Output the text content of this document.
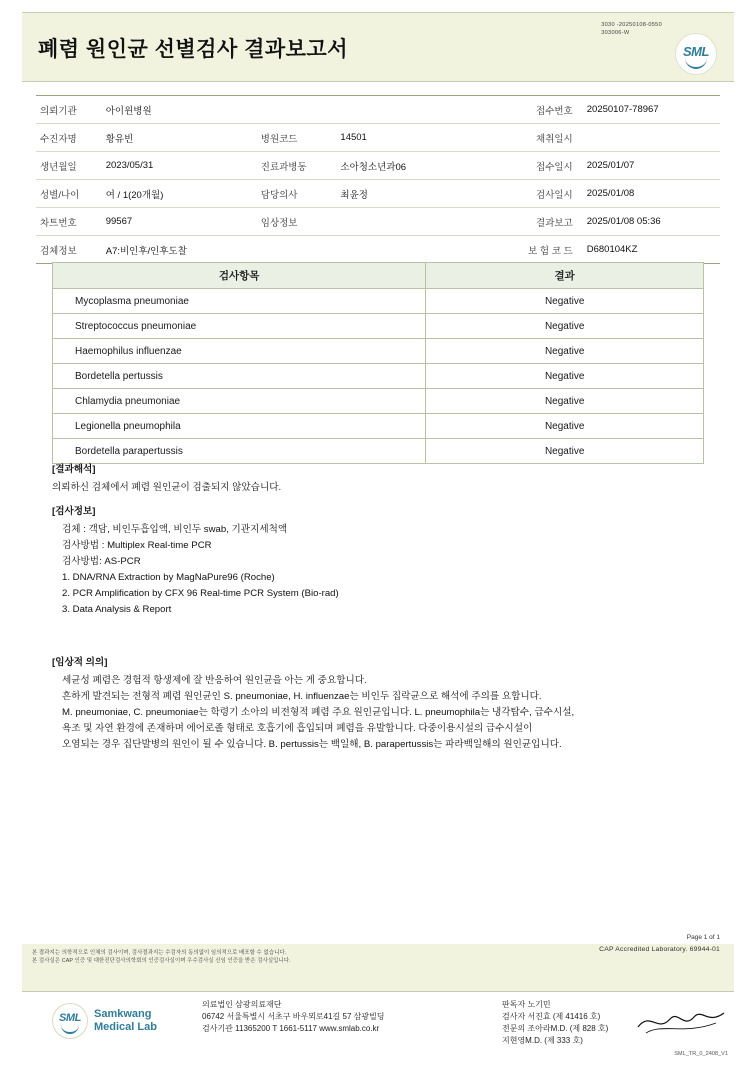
폐렴 원인균 선별검사 결과보고서
3030 -20250108-0550
303006-W
SML
의뢰기관	아이윈병원			접수번호	20250107-78967
수진자명	황유빈	병원코드	14501	채취일시	
생년월일	2023/05/31	진료과병동	소아청소년과06	접수일시	2025/01/07
성별/나이	여 / 1(20개월)	담당의사	최윤정	검사일시	2025/01/08
차트번호	99567	임상정보		결과보고	2025/01/08 05:36
검체정보	A7:비인후/인후도찰			보 험 코 드	D680104KZ
검사항목	결과
Mycoplasma pneumoniae	Negative
Streptococcus pneumoniae	Negative
Haemophilus influenzae	Negative
Bordetella pertussis	Negative
Chlamydia pneumoniae	Negative
Legionella pneumophila	Negative
Bordetella parapertussis	Negative
[결과해석]
의뢰하신 검체에서 폐렴 원인균이 검출되지 않았습니다.
[검사정보]
검체 : 객담, 비인두흡입액, 비인두 swab, 기관지세척액
검사방법 : Multiplex Real-time PCR
검사방법: AS-PCR
1. DNA/RNA Extraction by MagNaPure96 (Roche)
2. PCR Amplification by CFX 96 Real-time PCR System (Bio-rad)
3. Data Analysis & Report
[임상적 의의]
세균성 폐렴은 경험적 항생제에 잘 반응하여 원인균을 아는 게 중요합니다.
흔하게 발견되는 전형적 폐렴 원인균인 S. pneumoniae, H. influenzae는 비인두 집락균으로 해석에 주의를 요합니다.
M. pneumoniae, C. pneumoniae는 학령기 소아의 비전형적 폐렴 주요 원인균입니다. L. pneumophila는 냉각탑수, 급수시설,
욕조 및 자연 환경에 존재하며 에어로졸 형태로 호흡기에 흡입되며 폐렴을 유발합니다. 다중이용시설의 급수시설이
오염되는 경우 집단발병의 원인이 될 수 있습니다. B. pertussis는 백일해, B. parapertussis는 파라백일해의 원인균입니다.
Page 1 of 1
CAP Accredited Laboratory. 69944-01
본 결과지는 의학적으로 인체의 검사이며, 검사결과지는 수검자의 동의없이 임의적으로 배포할 수 없습니다.
본 검사실은 CAP 인증 및 대한진단검사의학회의 인증검사실이며 우수검사실 신임 인증을 받은 검사실입니다.
SML	Samkwang
Medical Lab
의료법인 삼광의료재단
06742 서울특별시 서초구 바우뫼로41길 57 삼광빌딩
검사기관 11365200 T 1661-5117 www.smlab.co.kr
판독자 노기민
검사자 서진효 (제 41416 호)
전문의 조아라M.D. (제 828 호)
지현영M.D. (제 333 호)
SML_TR_0_2408_V1
